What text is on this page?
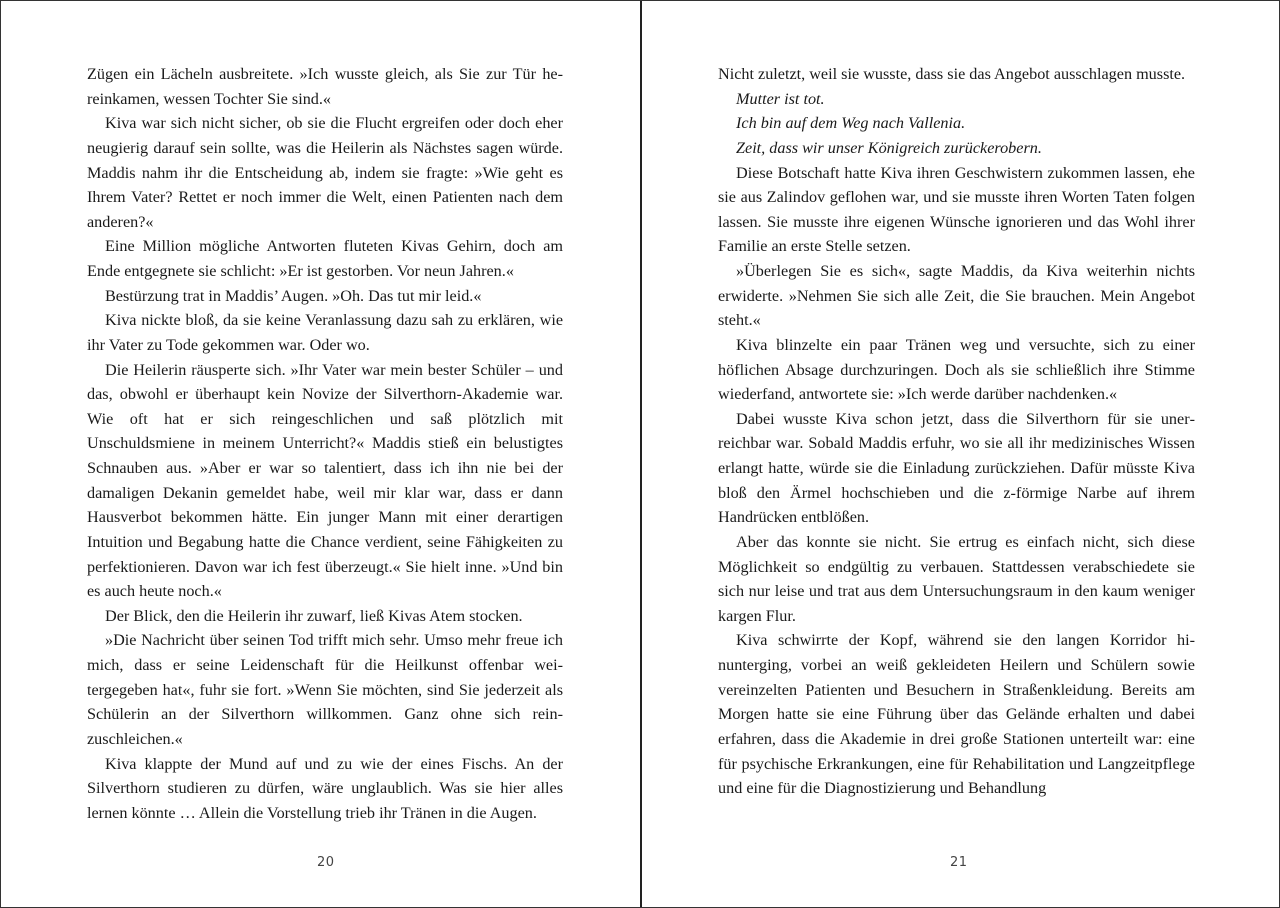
Zügen ein Lächeln ausbreitete. »Ich wusste gleich, als Sie zur Tür hereinkamen, wessen Tochter Sie sind.«

Kiva war sich nicht sicher, ob sie die Flucht ergreifen oder doch eher neugierig darauf sein sollte, was die Heilerin als Nächstes sagen würde. Maddis nahm ihr die Entscheidung ab, indem sie fragte: »Wie geht es Ihrem Vater? Rettet er noch immer die Welt, einen Patienten nach dem anderen?«

Eine Million mögliche Antworten fluteten Kivas Gehirn, doch am Ende entgegnete sie schlicht: »Er ist gestorben. Vor neun Jahren.«

Bestürzung trat in Maddis’ Augen. »Oh. Das tut mir leid.«

Kiva nickte bloß, da sie keine Veranlassung dazu sah zu erklären, wie ihr Vater zu Tode gekommen war. Oder wo.

Die Heilerin räusperte sich. »Ihr Vater war mein bester Schüler – und das, obwohl er überhaupt kein Novize der Silverthorn-Akademie war. Wie oft hat er sich reingeschlichen und saß plötzlich mit Unschuldsmiene in meinem Unterricht?« Maddis stieß ein belustigtes Schnauben aus. »Aber er war so talentiert, dass ich ihn nie bei der damaligen Dekanin gemeldet habe, weil mir klar war, dass er dann Hausverbot bekommen hätte. Ein junger Mann mit einer derartigen Intuition und Begabung hatte die Chance verdient, seine Fähigkeiten zu perfektionieren. Davon war ich fest überzeugt.« Sie hielt inne. »Und bin es auch heute noch.«

Der Blick, den die Heilerin ihr zuwarf, ließ Kivas Atem stocken.

»Die Nachricht über seinen Tod trifft mich sehr. Umso mehr freue ich mich, dass er seine Leidenschaft für die Heilkunst offenbar weitergegeben hat«, fuhr sie fort. »Wenn Sie möchten, sind Sie jederzeit als Schülerin an der Silverthorn willkommen. Ganz ohne sich reinzuschleichen.«

Kiva klappte der Mund auf und zu wie der eines Fischs. An der Silverthorn studieren zu dürfen, wäre unglaublich. Was sie hier alles lernen könnte … Allein die Vorstellung trieb ihr Tränen in die Augen.

20

Nicht zuletzt, weil sie wusste, dass sie das Angebot ausschlagen musste.

Mutter ist tot.

Ich bin auf dem Weg nach Vallenia.

Zeit, dass wir unser Königreich zurückerobern.

Diese Botschaft hatte Kiva ihren Geschwistern zukommen lassen, ehe sie aus Zalindov geflohen war, und sie musste ihren Worten Taten folgen lassen. Sie musste ihre eigenen Wünsche ignorieren und das Wohl ihrer Familie an erste Stelle setzen.

»Überlegen Sie es sich«, sagte Maddis, da Kiva weiterhin nichts erwiderte. »Nehmen Sie sich alle Zeit, die Sie brauchen. Mein Angebot steht.«

Kiva blinzelte ein paar Tränen weg und versuchte, sich zu einer höflichen Absage durchzuringen. Doch als sie schließlich ihre Stimme wiederfand, antwortete sie: »Ich werde darüber nachdenken.«

Dabei wusste Kiva schon jetzt, dass die Silverthorn für sie unerreichbar war. Sobald Maddis erfuhr, wo sie all ihr medizinisches Wissen erlangt hatte, würde sie die Einladung zurückziehen. Dafür müsste Kiva bloß den Ärmel hochschieben und die z-förmige Narbe auf ihrem Handrücken entblößen.

Aber das konnte sie nicht. Sie ertrug es einfach nicht, sich diese Möglichkeit so endgültig zu verbauen. Stattdessen verabschiedete sie sich nur leise und trat aus dem Untersuchungsraum in den kaum weniger kargen Flur.

Kiva schwirrte der Kopf, während sie den langen Korridor hinunterging, vorbei an weiß gekleideten Heilern und Schülern sowie vereinzelten Patienten und Besuchern in Straßenkleidung. Bereits am Morgen hatte sie eine Führung über das Gelände erhalten und dabei erfahren, dass die Akademie in drei große Stationen unterteilt war: eine für psychische Erkrankungen, eine für Rehabilitation und Langzeitpflege und eine für die Diagnostizierung und Behandlung

21
